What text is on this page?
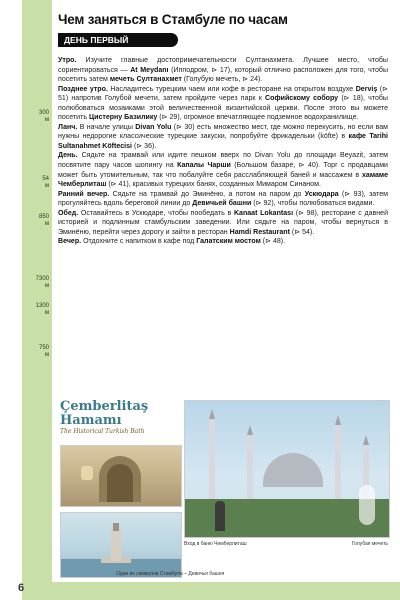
300
м
54
м
850
м
7300
м
1300
м
750
м
6
Чем заняться в Стамбуле по часам
ДЕНЬ ПЕРВЫЙ

Утро. Изучите главные достопримечательности Султанахмета. Лучшее место, чтобы сориентироваться — At Meydanı (Ипподром, ⊳ 17), который отлично расположен для того, чтобы посетить затем мечеть Султанахмет (Голубую мечеть, ⊳ 24).

Позднее утро. Насладитесь турецким чаем или кофе в ресторане на открытом воздухе Derviş (⊳ 51) напротив Голубой мечети, затем пройдите через парк к Софийскому собору (⊳ 18), чтобы полюбоваться мозаиками этой величественной византийской церкви. После этого вы можете посетить Цистерну Базилику (⊳ 29), огромное впечатляющее подземное водохранилище.

Ланч. В начале улицы Divan Yolu (⊳ 30) есть множество мест, где можно перекусить, но если вам нужны недорогие классические турецкие закуски, попробуйте фрикадельки (köfte) в кафе Tarihi Sultanahmet Köftecisi (⊳ 36).

День. Сядьте на трамвай или идите пешком вверх по Divan Yolu до площади Beyazit, затем посвятите пару часов шопингу на Капалы Чарши (Большом базаре, ⊳ 40). Торг с продавцами может быть утомительным, так что побалуйте себя расслабляющей баней и массажем в хамаме Чемберлиташ (⊳ 41), красивых турецких банях, созданных Мимаром Синаном.

Ранний вечер. Сядьте на трамвай до Эминёню, а потом на паром до Ускюдара (⊳ 93), затем прогуляйтесь вдоль береговой линии до Девичьей башни (⊳ 92), чтобы полюбоваться видами.

Обед. Оставайтесь в Ускюдаре, чтобы пообедать в Kanaat Lokantası (⊳ 98), ресторане с давней историей и подлинным стамбульским заведении. Или сядьте на паром, чтобы вернуться в Эминёню, перейти через дорогу и зайти в ресторан Hamdi Restaurant (⊳ 54).

Вечер. Отдохните с напитком в кафе под Галатским мостом (⊳ 48).

Çemberlitaş
Hamamı
The Historical Turkish Bath
Вход в баню Чемберлиташ	Голубая мечеть
Один из символов Стамбула – Девичья башня
